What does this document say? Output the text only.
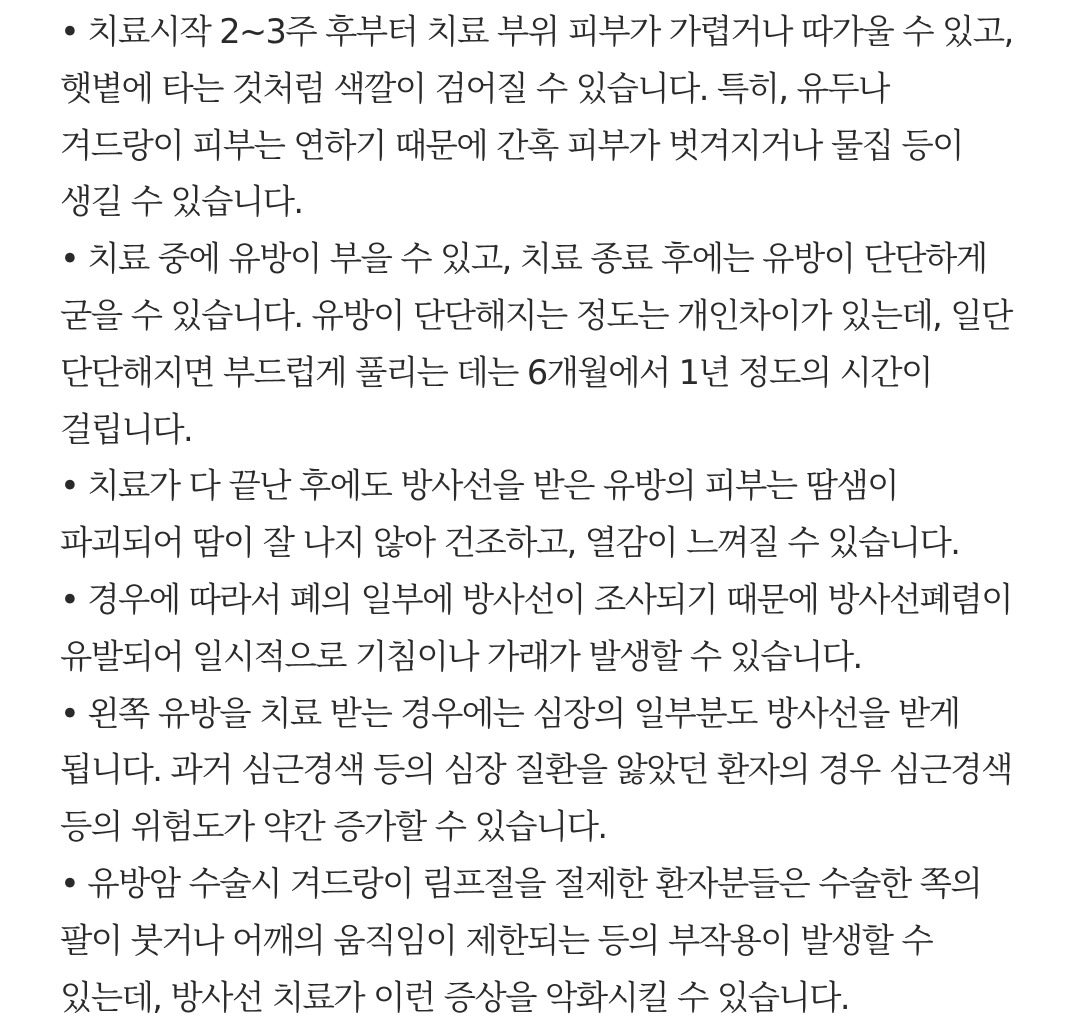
• 치료시작 2~3주 후부터 치료 부위 피부가 가렵거나 따가울 수 있고, 햇볕에 타는 것처럼 색깔이 검어질 수 있습니다. 특히, 유두나 겨드랑이 피부는 연하기 때문에 간혹 피부가 벗겨지거나 물집 등이 생길 수 있습니다.

• 치료 중에 유방이 부을 수 있고, 치료 종료 후에는 유방이 단단하게 굳을 수 있습니다. 유방이 단단해지는 정도는 개인차이가 있는데, 일단 단단해지면 부드럽게 풀리는 데는 6개월에서 1년 정도의 시간이 걸립니다.

• 치료가 다 끝난 후에도 방사선을 받은 유방의 피부는 땀샘이 파괴되어 땀이 잘 나지 않아 건조하고, 열감이 느껴질 수 있습니다.

• 경우에 따라서 폐의 일부에 방사선이 조사되기 때문에 방사선폐렴이 유발되어 일시적으로 기침이나 가래가 발생할 수 있습니다.

• 왼쪽 유방을 치료 받는 경우에는 심장의 일부분도 방사선을 받게 됩니다. 과거 심근경색 등의 심장 질환을 앓았던 환자의 경우 심근경색 등의 위험도가 약간 증가할 수 있습니다.

• 유방암 수술시 겨드랑이 림프절을 절제한 환자분들은 수술한 쪽의 팔이 붓거나 어깨의 움직임이 제한되는 등의 부작용이 발생할 수 있는데, 방사선 치료가 이런 증상을 악화시킬 수 있습니다.
